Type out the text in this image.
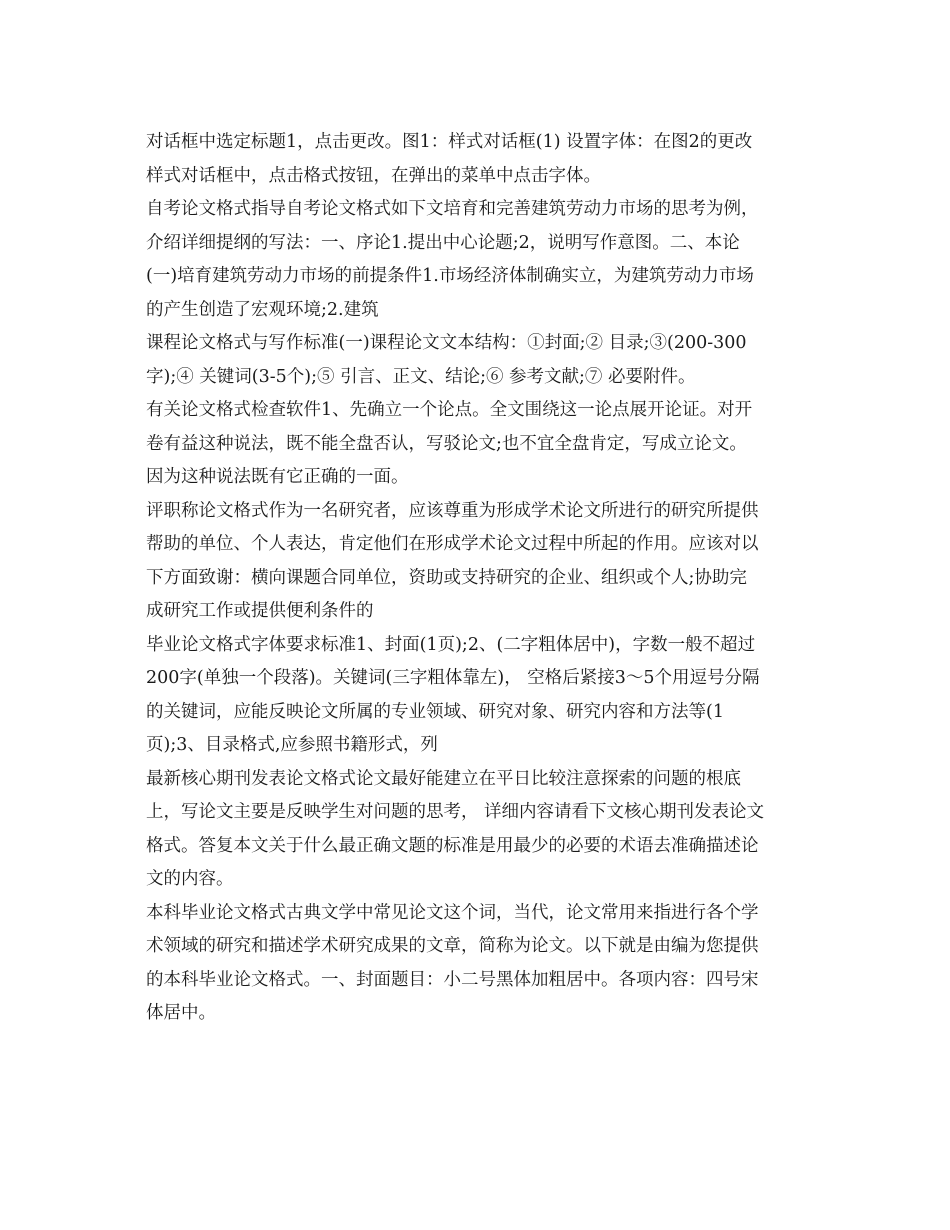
对话框中选定标题1，点击更改。图1：样式对话框(1) 设置字体：在图2的更改
样式对话框中，点击格式按钮，在弹出的菜单中点击字体。
自考论文格式指导自考论文格式如下文培育和完善建筑劳动力市场的思考为例，
介绍详细提纲的写法：一、序论1.提出中心论题;2，说明写作意图。二、本论
(一)培育建筑劳动力市场的前提条件1.市场经济体制确实立，为建筑劳动力市场
的产生创造了宏观环境;2.建筑
课程论文格式与写作标准(一)课程论文文本结构：①封面;② 目录;③(200-300
字);④ 关键词(3-5个);⑤ 引言、正文、结论;⑥ 参考文献;⑦ 必要附件。
有关论文格式检查软件1、先确立一个论点。全文围绕这一论点展开论证。对开
卷有益这种说法，既不能全盘否认，写驳论文;也不宜全盘肯定，写成立论文。
因为这种说法既有它正确的一面。
评职称论文格式作为一名研究者，应该尊重为形成学术论文所进行的研究所提供
帮助的单位、个人表达，肯定他们在形成学术论文过程中所起的作用。应该对以
下方面致谢：横向课题合同单位，资助或支持研究的企业、组织或个人;协助完
成研究工作或提供便利条件的
毕业论文格式字体要求标准1、封面(1页);2、(二字粗体居中)，字数一般不超过
200字(单独一个段落)。关键词(三字粗体靠左)， 空格后紧接3～5个用逗号分隔
的关键词，应能反映论文所属的专业领域、研究对象、研究内容和方法等(1
页);3、目录格式,应参照书籍形式，列
最新核心期刊发表论文格式论文最好能建立在平日比较注意探索的问题的根底
上，写论文主要是反映学生对问题的思考， 详细内容请看下文核心期刊发表论文
格式。答复本文关于什么最正确文题的标准是用最少的必要的术语去准确描述论
文的内容。
本科毕业论文格式古典文学中常见论文这个词，当代，论文常用来指进行各个学
术领域的研究和描述学术研究成果的文章，简称为论文。以下就是由编为您提供
的本科毕业论文格式。一、封面题目：小二号黑体加粗居中。各项内容：四号宋
体居中。
